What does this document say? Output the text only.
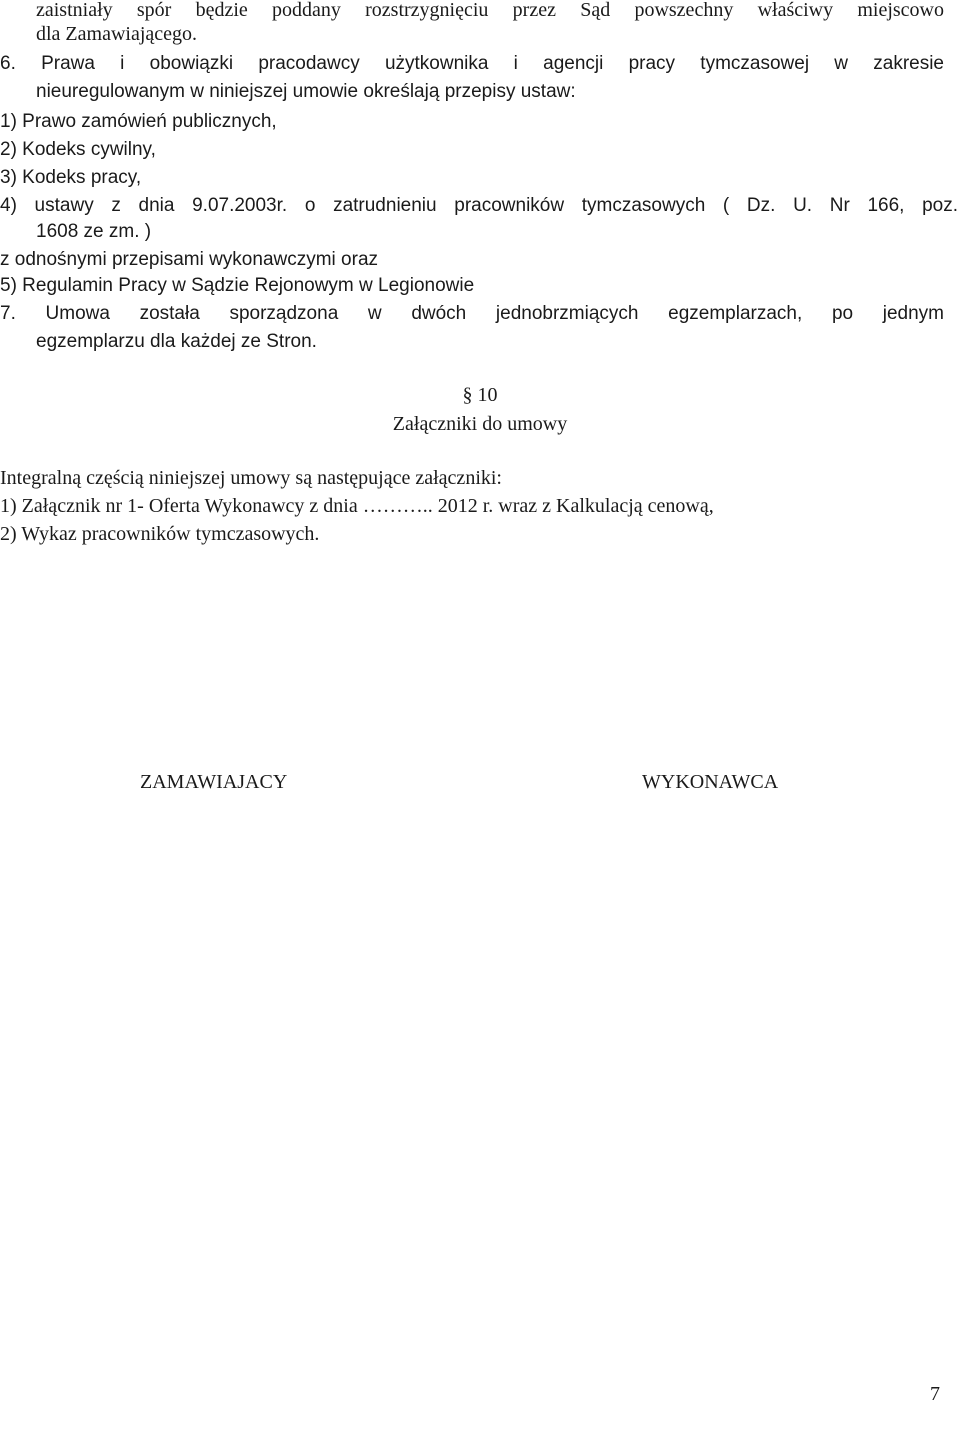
zaistniały spór będzie poddany rozstrzygnięciu przez Sąd powszechny właściwy miejscowo
dla Zamawiającego.
6. Prawa i obowiązki pracodawcy użytkownika i agencji pracy tymczasowej w zakresie
nieuregulowanym w niniejszej umowie określają przepisy ustaw:
1) Prawo zamówień publicznych,
2) Kodeks cywilny,
3) Kodeks pracy,
4) ustawy z dnia 9.07.2003r. o zatrudnieniu pracowników tymczasowych ( Dz. U. Nr 166, poz.
1608 ze zm. )
z odnośnymi przepisami wykonawczymi oraz
5) Regulamin Pracy w Sądzie Rejonowym w Legionowie
7. Umowa została sporządzona w dwóch jednobrzmiących egzemplarzach, po jednym
egzemplarzu dla każdej ze Stron.
§ 10
Załączniki do umowy
Integralną częścią niniejszej umowy są następujące załączniki:
1) Załącznik nr 1- Oferta Wykonawcy z dnia ……….. 2012 r. wraz z Kalkulacją cenową,
2) Wykaz pracowników tymczasowych.
ZAMAWIAJACY	WYKONAWCA
7
